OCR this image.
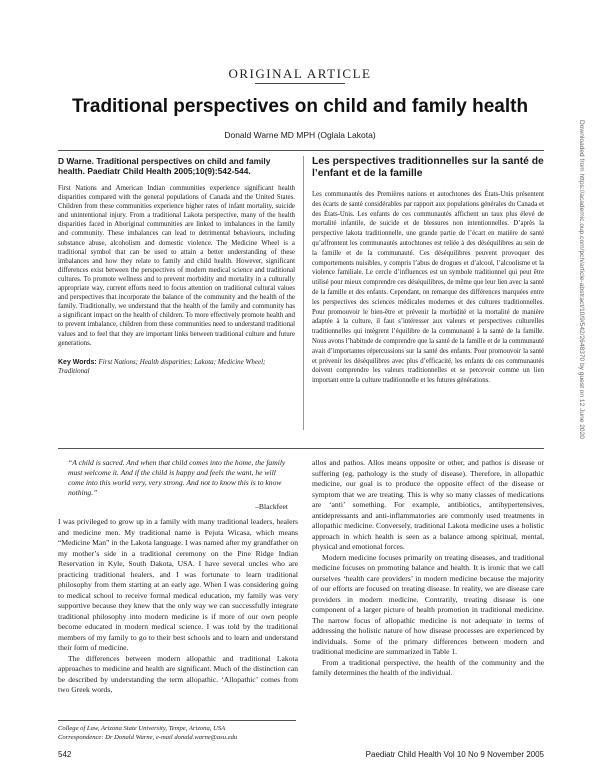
ORIGINAL ARTICLE
Traditional perspectives on child and family health
Donald Warne MD MPH (Oglala Lakota)
D Warne. Traditional perspectives on child and family health. Paediatr Child Health 2005;10(9):542-544.

First Nations and American Indian communities experience significant health disparities compared with the general populations of Canada and the United States. Children from these communities experience higher rates of infant mortality, suicide and unintentional injury. From a traditional Lakota perspective, many of the health disparities faced in Aboriginal communities are linked to imbalances in the family and community. These imbalances can lead to detrimental behaviours, including substance abuse, alcoholism and domestic violence. The Medicine Wheel is a traditional symbol that can be used to attain a better understanding of these imbalances and how they relate to family and child health. However, significant differences exist between the perspectives of modern medical science and traditional cultures. To promote wellness and to prevent morbidity and mortality in a culturally appropriate way, current efforts need to focus attention on traditional cultural values and perspectives that incorporate the balance of the community and the health of the family. Traditionally, we understand that the health of the family and community has a significant impact on the health of children. To more effectively promote health and to prevent imbalance, children from these communities need to understand traditional values and to feel that they are important links between traditional culture and future generations.

Key Words: First Nations; Health disparities; Lakota; Medicine Wheel; Traditional
Les perspectives traditionnelles sur la santé de l’enfant et de la famille

Les communautés des Premières nations et autochtones des États-Unis présentent des écarts de santé considérables par rapport aux populations générales du Canada et des États-Unis. Les enfants de ces communautés affichent un taux plus élevé de mortalité infantile, de suicide et de blessures non intentionnelles. D’après la perspective lakota traditionnelle, une grande partie de l’écart en matière de santé qu’affrontent les communautés autochtones est reliée à des déséquilibres au sein de la famille et de la communauté. Ces déséquilibres peuvent provoquer des comportements nuisibles, y compris l’abus de drogues et d’alcool, l’alcoolisme et la violence familiale. Le cercle d’influences est un symbole traditionnel qui peut être utilisé pour mieux comprendre ces déséquilibres, de même que leur lien avec la santé de la famille et des enfants. Cependant, on remarque des différences marquées entre les perspectives des sciences médicales modernes et des cultures traditionnelles. Pour promouvoir le bien-être et prévenir la morbidité et la mortalité de manière adaptée à la culture, il faut s’intéresser aux valeurs et perspectives culturelles traditionnelles qui intègrent l’équilibre de la communauté à la santé de la famille. Nous avons l’habitude de comprendre que la santé de la famille et de la communauté avait d’importantes répercussions sur la santé des enfants. Pour promouvoir la santé et prévenir les déséquilibres avec plus d’efficacité, les enfants de ces communautés doivent comprendre les valeurs traditionnelles et se percevoir comme un lien important entre la culture traditionnelle et les futures générations.	Downloaded from https://academic.oup.com/pch/article-abstract/10/9/542/2648370 by guest on 12 June 2020

“A child is sacred. And when that child comes into the home, the family must welcome it. And if the child is happy and feels the want, he will come into this world very, very strong. And not to know this is to know nothing.”

–Blackfeet

I was privileged to grow up in a family with many traditional leaders, healers and medicine men. My traditional name is Pejuta Wicasa, which means “Medicine Man” in the Lakota language. I was named after my grandfather on my mother’s side in a traditional ceremony on the Pine Ridge Indian Reservation in Kyle, South Dakota, USA. I have several uncles who are practicing traditional healers, and I was fortunate to learn traditional philosophy from them starting at an early age. When I was considering going to medical school to receive formal medical education, my family was very supportive because they knew that the only way we can successfully integrate traditional philosophy into modern medicine is if more of our own people become educated in modern medical science. I was told by the traditional members of my family to go to their best schools and to learn and understand their form of medicine.

The differences between modern allopathic and traditional Lakota approaches to medicine and health are significant. Much of the distinction can be described by understanding the term allopathic. ‘Allopathic’ comes from two Greek words,

allos and pathos. Allos means opposite or other, and pathos is disease or suffering (eg, pathology is the study of disease). Therefore, in allopathic medicine, our goal is to produce the opposite effect of the disease or symptom that we are treating. This is why so many classes of medications are ‘anti’ something. For example, antibiotics, antihypertensives, antidepressants and anti-inflammatories are commonly used treatments in allopathic medicine. Conversely, traditional Lakota medicine uses a holistic approach in which health is seen as a balance among spiritual, mental, physical and emotional forces.

Modern medicine focuses primarily on treating diseases, and traditional medicine focuses on promoting balance and health. It is ironic that we call ourselves ‘health care providers’ in modern medicine because the majority of our efforts are focused on treating disease. In reality, we are disease care providers in modern medicine. Contrarily, treating disease is one component of a larger picture of health promotion in traditional medicine. The narrow focus of allopathic medicine is not adequate in terms of addressing the holistic nature of how disease processes are experienced by individuals. Some of the primary differences between modern and traditional medicine are summarized in Table 1.

From a traditional perspective, the health of the community and the family determines the health of the individual.

College of Law, Arizona State University, Tempe, Arizona, USA
Correspondence: Dr Donald Warne, e-mail donald.warne@asu.edu
542	Paediatr Child Health Vol 10 No 9 November 2005
